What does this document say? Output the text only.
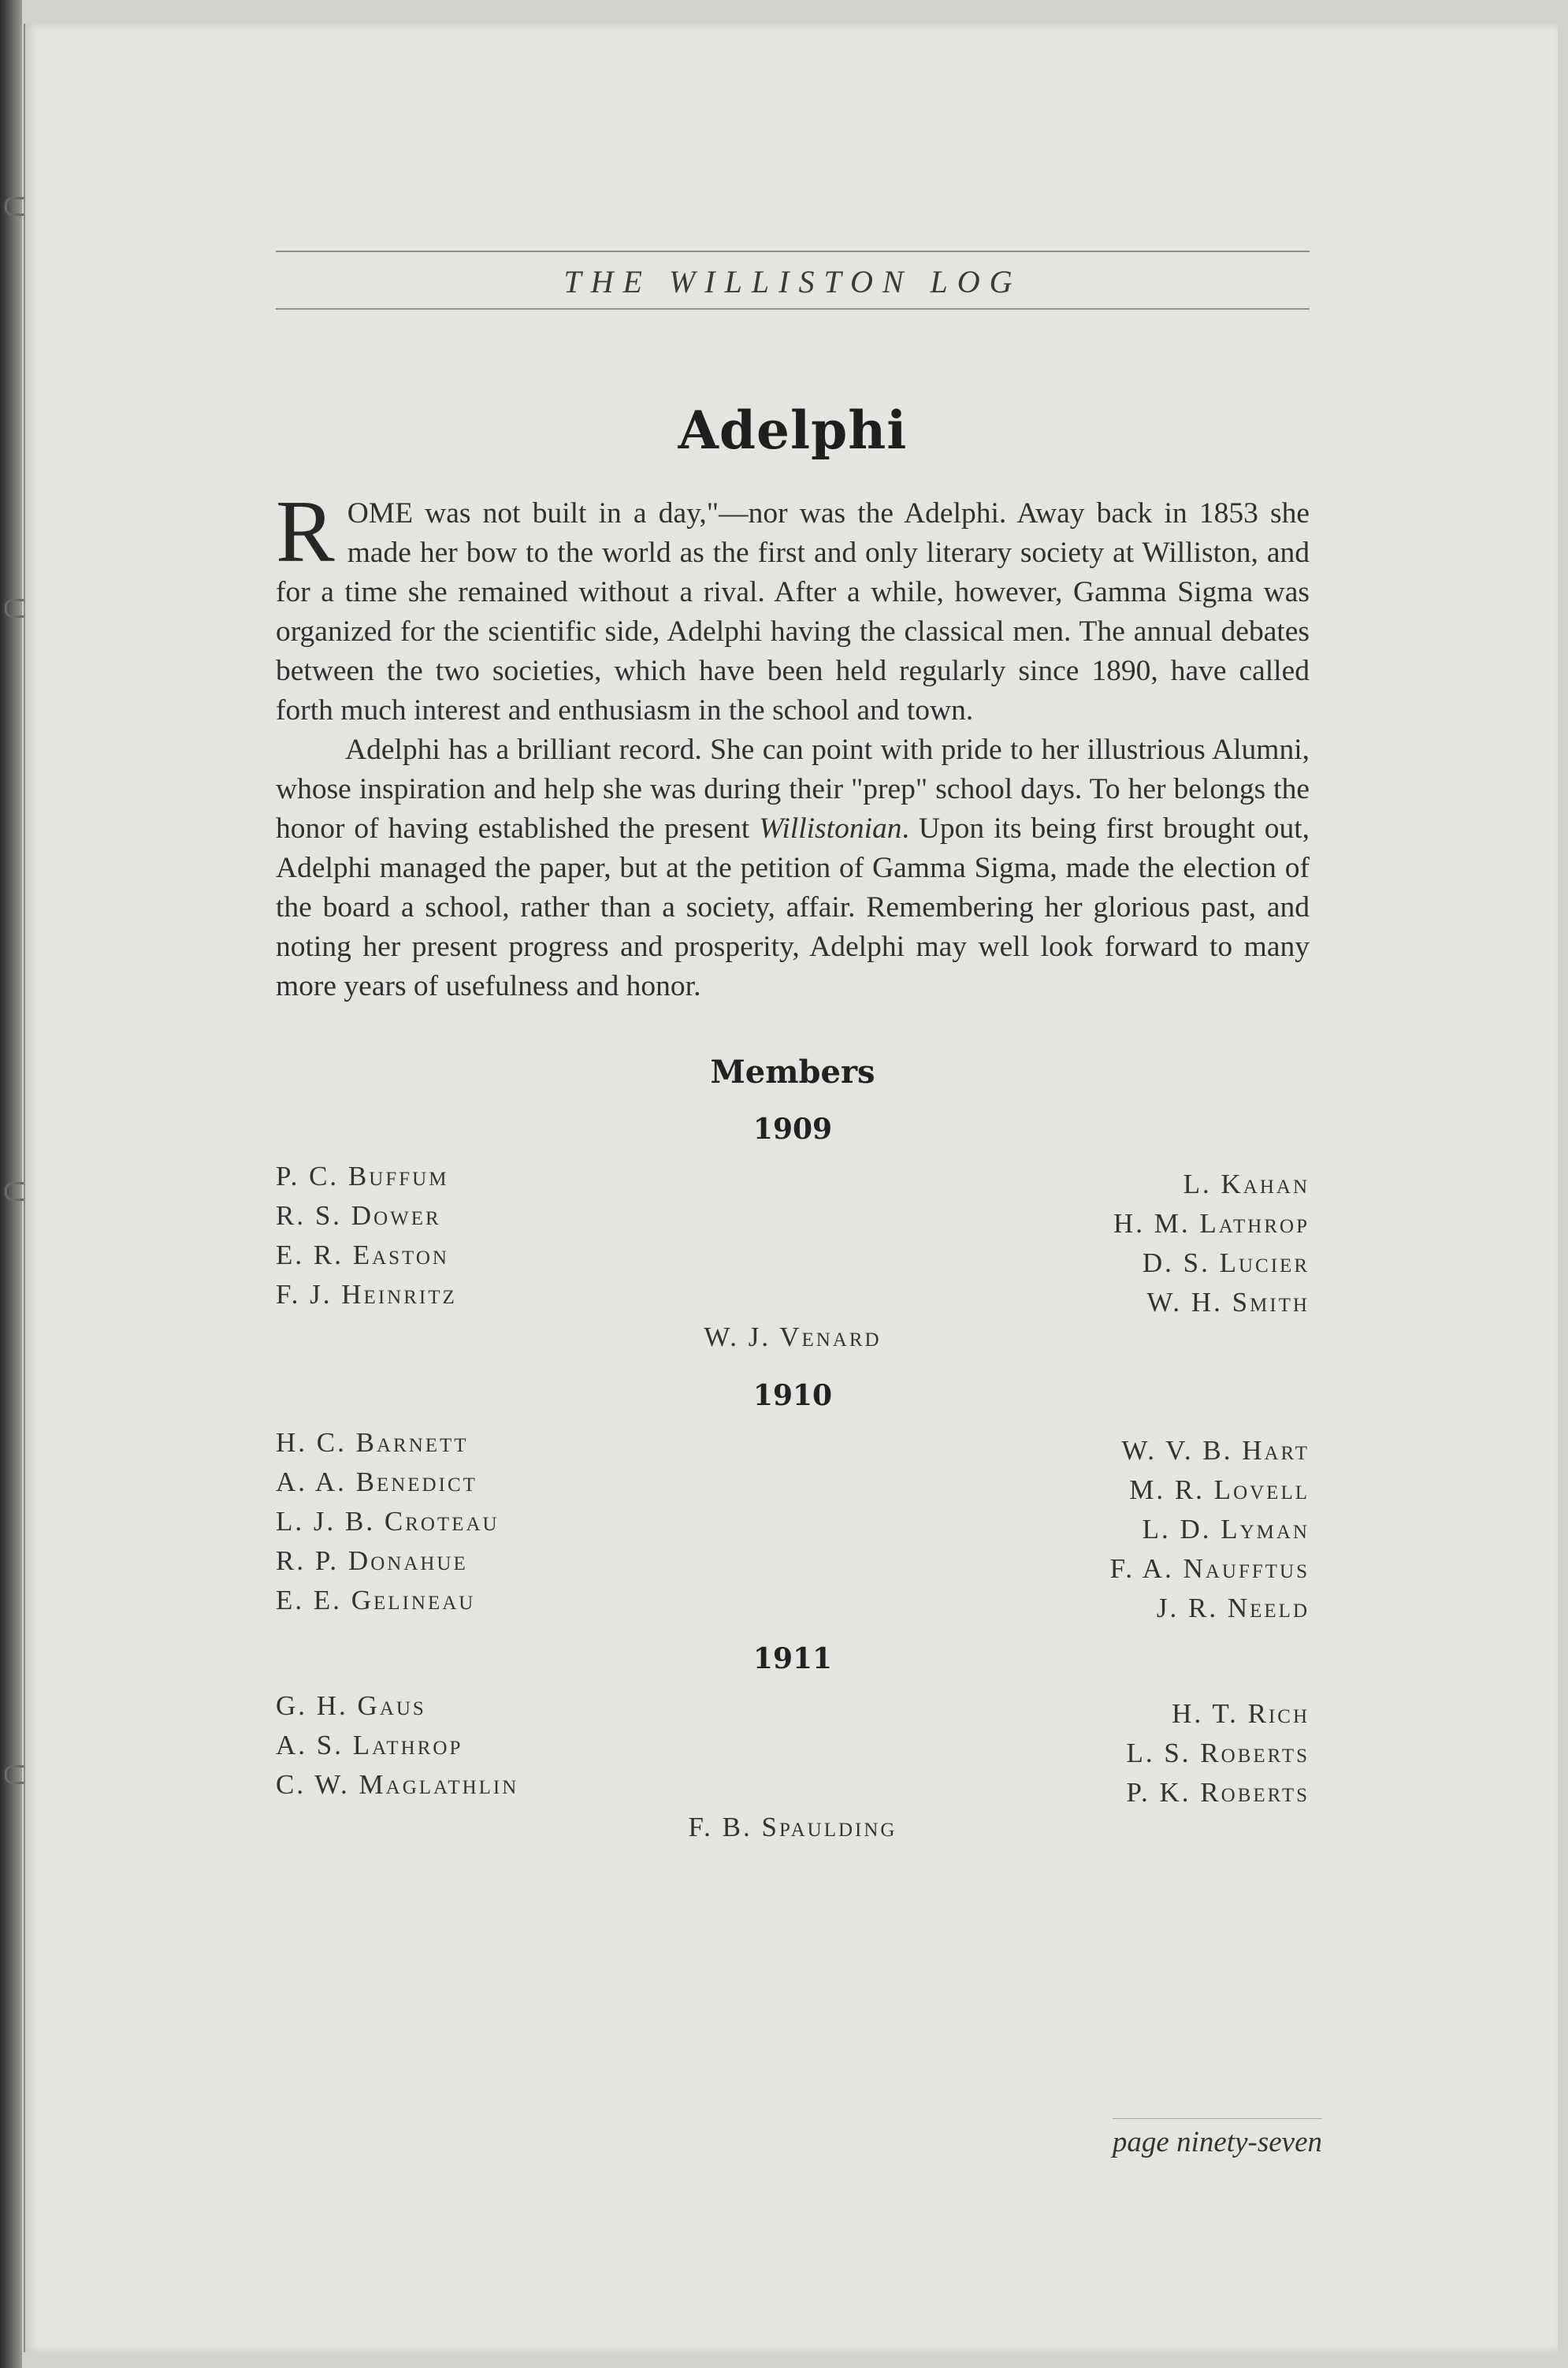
THE WILLISTON LOG
Adelphi

ROME was not built in a day,"—nor was the Adelphi. Away back in 1853 she made her bow to the world as the first and only literary society at Williston, and for a time she remained without a rival. After a while, however, Gamma Sigma was organized for the scientific side, Adelphi having the classical men. The annual debates between the two societies, which have been held regularly since 1890, have called forth much interest and enthusiasm in the school and town.

Adelphi has a brilliant record. She can point with pride to her illustrious Alumni, whose inspiration and help she was during their "prep" school days. To her belongs the honor of having established the present Willistonian. Upon its being first brought out, Adelphi managed the paper, but at the petition of Gamma Sigma, made the election of the board a school, rather than a society, affair. Remembering her glorious past, and noting her present progress and prosperity, Adelphi may well look forward to many more years of usefulness and honor.

Members
1909
P. C. Buffum
R. S. Dower
E. R. Easton
F. J. Heinritz
L. Kahan
H. M. Lathrop
D. S. Lucier
W. H. Smith
W. J. Venard
1910
H. C. Barnett
A. A. Benedict
L. J. B. Croteau
R. P. Donahue
E. E. Gelineau
W. V. B. Hart
M. R. Lovell
L. D. Lyman
F. A. Naufftus
J. R. Neeld
1911
G. H. Gaus
A. S. Lathrop
C. W. Maglathlin
H. T. Rich
L. S. Roberts
P. K. Roberts
F. B. Spaulding
page ninety-seven
